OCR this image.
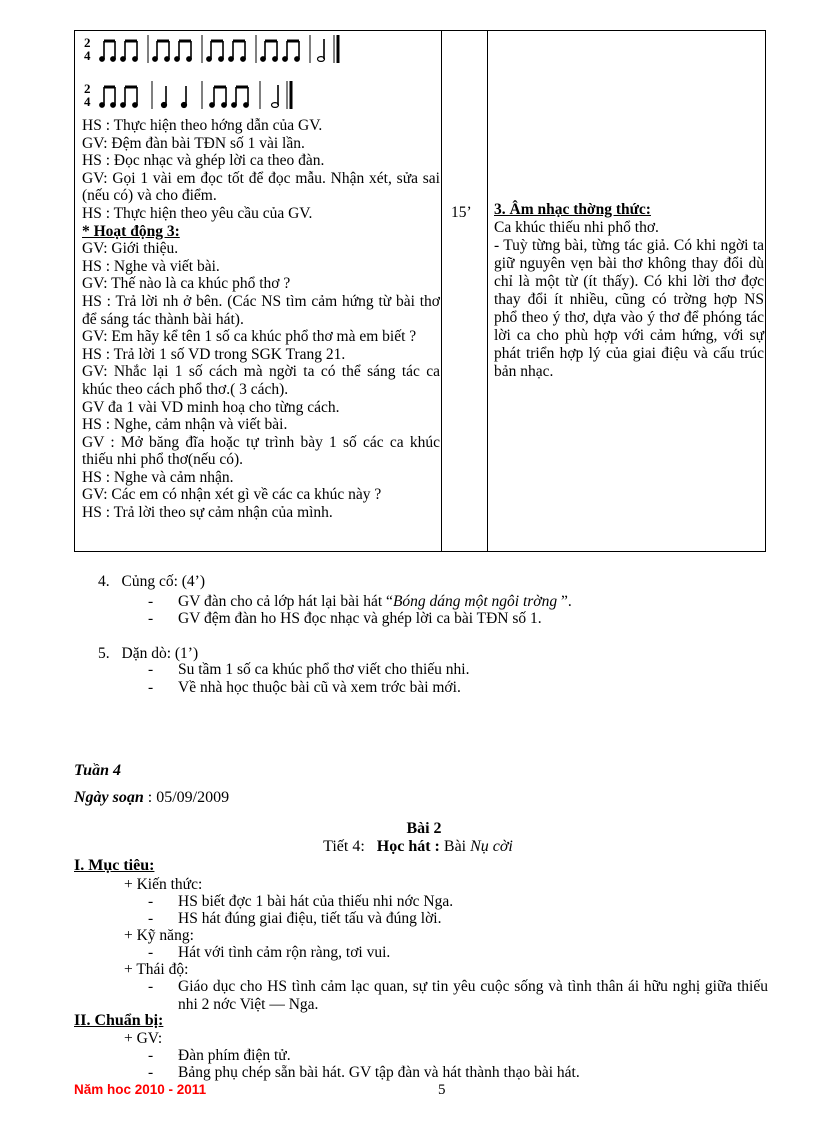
2
4
2
4
HS : Thực hiện theo hớng dẫn của GV.
GV: Đệm đàn bài TĐN số 1 vài lần.
HS : Đọc nhạc và ghép lời ca theo đàn.
GV: Gọi 1 vài em đọc tốt để đọc mẫu. Nhận xét, sửa sai (nếu có) và cho điểm.
HS : Thực hiện theo yêu cầu của GV.
* Hoạt động 3:
GV: Giới thiệu.
HS : Nghe và viết bài.
GV: Thế nào là ca khúc phổ thơ ?
HS : Trả lời nh ở bên. (Các NS tìm cảm hứng từ bài thơ để sáng tác thành bài hát).
GV: Em hãy kể tên 1 số ca khúc phổ thơ mà em biết ?
HS : Trả lời 1 số VD trong SGK Trang 21.
GV: Nhắc lại 1 số cách mà ngời ta có thể sáng tác ca khúc theo cách phổ thơ.( 3 cách).
GV đa 1 vài VD minh hoạ cho từng cách.
HS : Nghe, cảm nhận và viết bài.
GV : Mở băng đĩa hoặc tự trình bày 1 số các ca khúc thiếu nhi phổ thơ(nếu có).
HS : Nghe và cảm nhận.
GV: Các em có nhận xét gì về các ca khúc này ?
HS : Trả lời theo sự cảm nhận của mình.
15’ 3. Âm nhạc thờng thức:
Ca khúc thiếu nhi phổ thơ.
- Tuỳ từng bài, từng tác giả. Có khi ngời ta giữ nguyên vẹn bài thơ không thay đổi dù chỉ là một từ (ít thấy). Có khi lời thơ đợc thay đổi ít nhiều, cũng có trờng hợp NS phổ theo ý thơ, dựa vào ý thơ để phóng tác lời ca cho phù hợp với cảm hứng, với sự phát triển hợp lý của giai điệu và cấu trúc bản nhạc.
4. Củng cố: (4’)
- GV đàn cho cả lớp hát lại bài hát “Bóng dáng một ngôi trờng ”.
- GV đệm đàn ho HS đọc nhạc và ghép lời ca bài TĐN số 1.
5. Dặn dò: (1’)
- Su tầm 1 số ca khúc phổ thơ viết cho thiếu nhi.
- Về nhà học thuộc bài cũ và xem trớc bài mới.
Tuần 4
Ngày soạn : 05/09/2009
Bài 2
Tiết 4: Học hát : Bài Nụ cời
I. Mục tiêu:
+ Kiến thức:
- HS biết đợc 1 bài hát của thiếu nhi nớc Nga.
- HS hát đúng giai điệu, tiết tấu và đúng lời.
+ Kỹ năng:
- Hát với tình cảm rộn ràng, tơi vui.
+ Thái độ:
-	Giáo dục cho HS tình cảm lạc quan, sự tin yêu cuộc sống và tình thân ái hữu nghị giữa thiếu nhi 2 nớc Việt — Nga.
II. Chuẩn bị:
+ GV:
- Đàn phím điện tử.
- Bảng phụ chép sẵn bài hát. GV tập đàn và hát thành thạo bài hát.
Năm hoc 2010 - 2011	5
